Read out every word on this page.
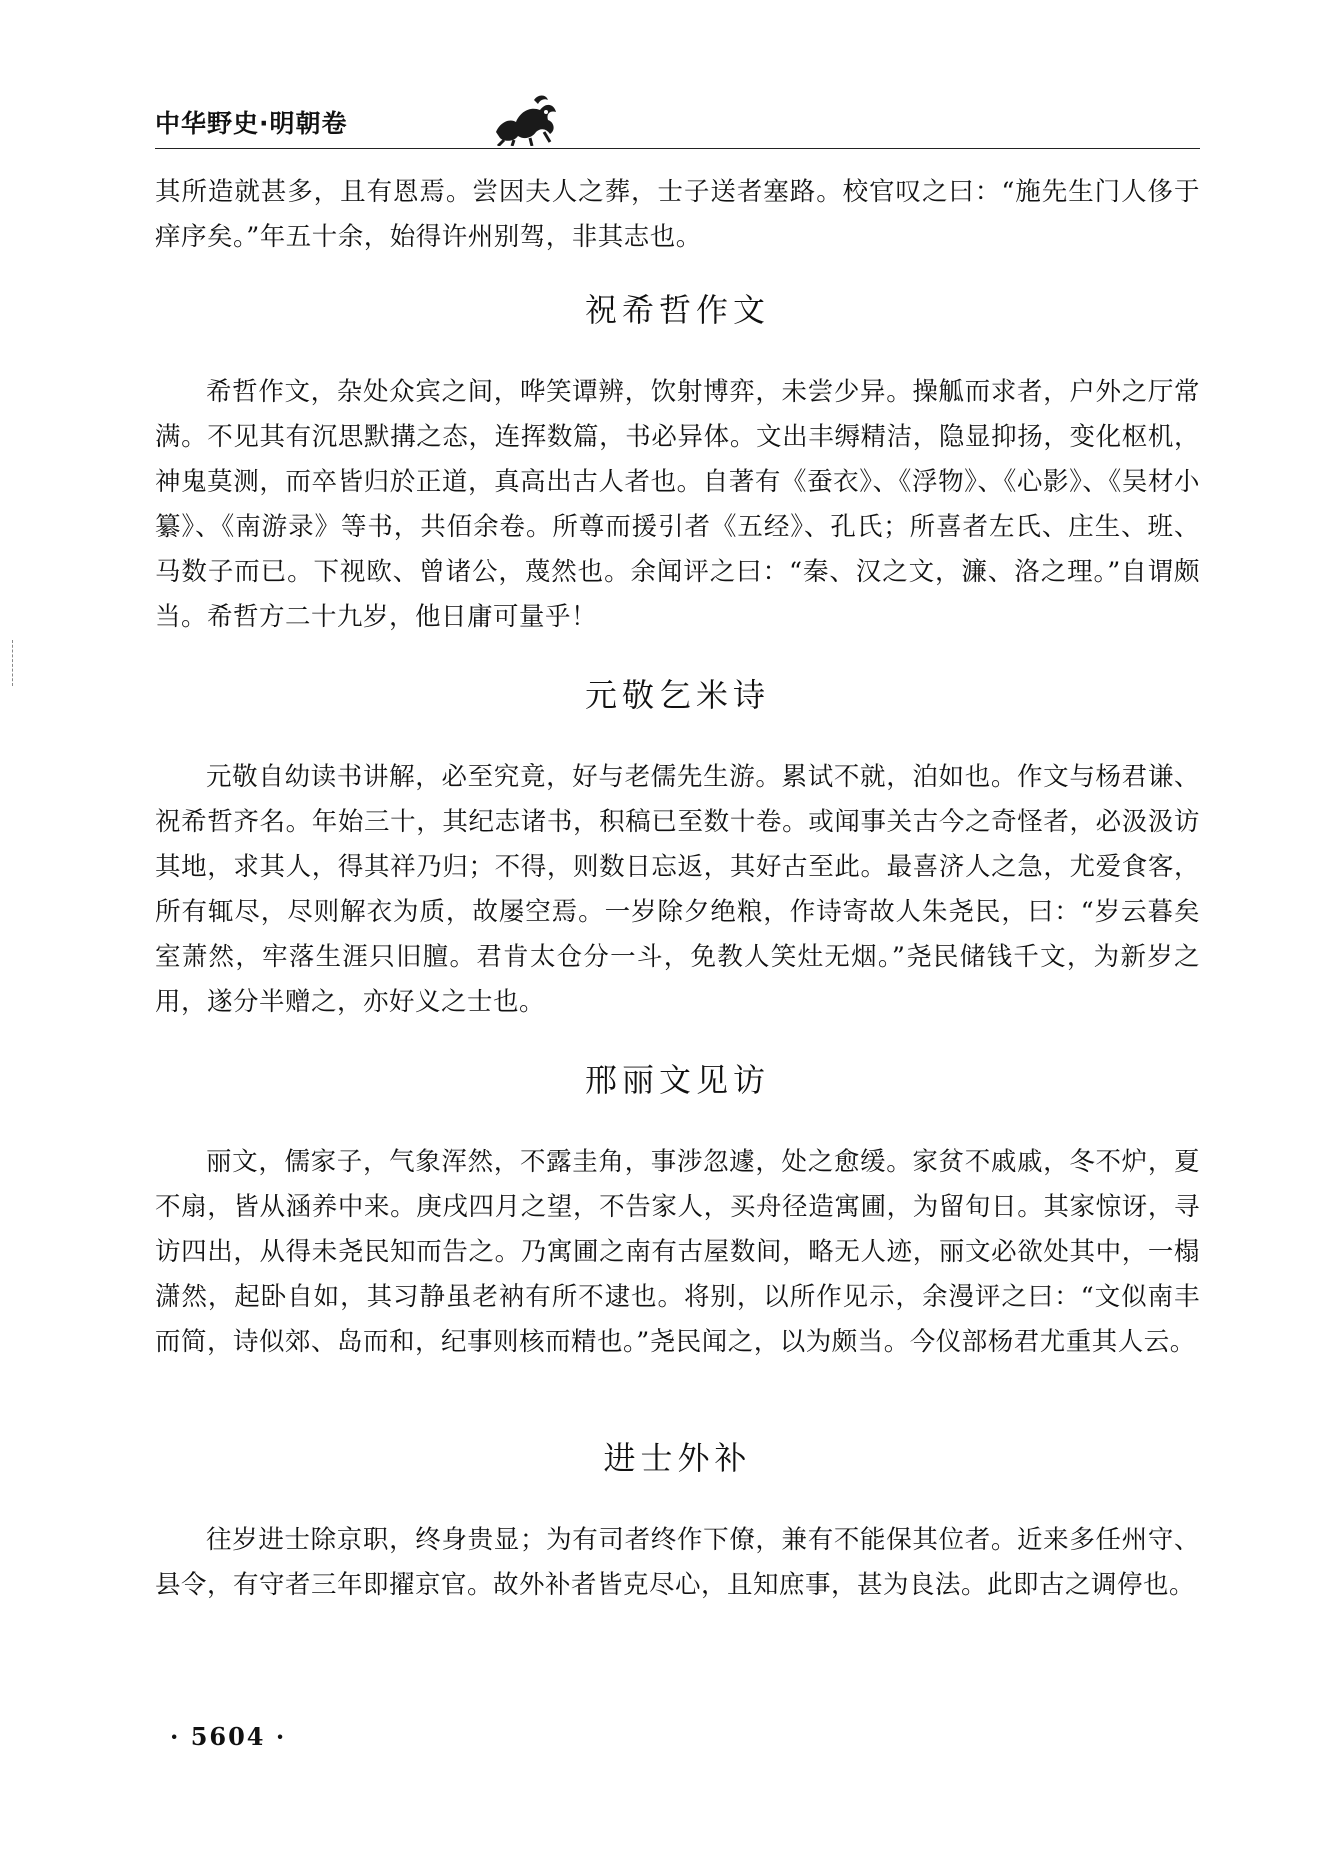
中华野史·明朝卷

其所造就甚多，且有恩焉。尝因夫人之葬，士子送者塞路。校官叹之曰：“施先生门人侈于痒序矣。”年五十余，始得许州别驾，非其志也。

祝希哲作文

希哲作文，杂处众宾之间，哗笑谭辨，饮射博弈，未尝少异。操觚而求者，户外之厅常满。不见其有沉思默搆之态，连挥数篇，书必异体。文出丰缛精洁，隐显抑扬，变化枢机，神鬼莫测，而卒皆归於正道，真高出古人者也。自著有《蚕衣》、《浮物》、《心影》、《吴材小纂》、《南游录》等书，共佰余卷。所尊而援引者《五经》、孔氏；所喜者左氏、庄生、班、马数子而已。下视欧、曾诸公，蔑然也。余闻评之曰：“秦、汉之文，濂、洛之理。”自谓颇当。希哲方二十九岁，他日庸可量乎！

元敬乞米诗

元敬自幼读书讲解，必至究竟，好与老儒先生游。累试不就，泊如也。作文与杨君谦、祝希哲齐名。年始三十，其纪志诸书，积稿已至数十卷。或闻事关古今之奇怪者，必汲汲访其地，求其人，得其祥乃归；不得，则数日忘返，其好古至此。最喜济人之急，尤爱食客，所有辄尽，尽则解衣为质，故屡空焉。一岁除夕绝粮，作诗寄故人朱尧民，曰：“岁云暮矣室萧然，牢落生涯只旧膻。君肯太仓分一斗，免教人笑灶无烟。”尧民储钱千文，为新岁之用，遂分半赠之，亦好义之士也。

邢丽文见访

丽文，儒家子，气象浑然，不露圭角，事涉忽遽，处之愈缓。家贫不戚戚，冬不炉，夏不扇，皆从涵养中来。庚戌四月之望，不告家人，买舟径造寓圃，为留旬日。其家惊讶，寻访四出，从得未尧民知而告之。乃寓圃之南有古屋数间，略无人迹，丽文必欲处其中，一榻潇然，起卧自如，其习静虽老衲有所不逮也。将别，以所作见示，余漫评之曰：“文似南丰而简，诗似郊、岛而和，纪事则核而精也。”尧民闻之，以为颇当。今仪部杨君尤重其人云。

进士外补

往岁进士除京职，终身贵显；为有司者终作下僚，兼有不能保其位者。近来多任州守、县令，有守者三年即擢京官。故外补者皆克尽心，且知庶事，甚为良法。此即古之调停也。

· 5604 ·
